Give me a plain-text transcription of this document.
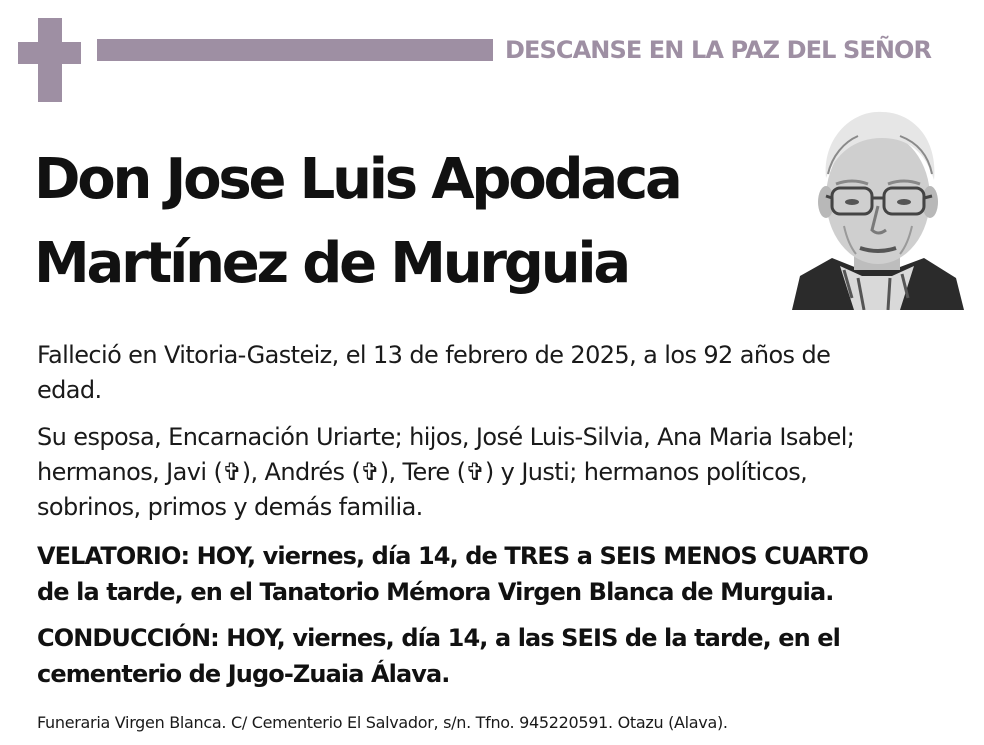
DESCANSE EN LA PAZ DEL SEÑOR
Don Jose Luis Apodaca
Martínez de Murguia
Falleció en Vitoria-Gasteiz, el 13 de febrero de 2025, a los 92 años de
edad.
Su esposa, Encarnación Uriarte; hijos, José Luis-Silvia, Ana Maria Isabel;
hermanos, Javi (✞), Andrés (✞), Tere (✞) y Justi; hermanos políticos,
sobrinos, primos y demás familia.
VELATORIO: HOY, viernes, día 14, de TRES a SEIS MENOS CUARTO
de la tarde, en el Tanatorio Mémora Virgen Blanca de Murguia.
CONDUCCIÓN: HOY, viernes, día 14, a las SEIS de la tarde, en el
cementerio de Jugo-Zuaia Álava.
Funeraria Virgen Blanca. C/ Cementerio El Salvador, s/n. Tfno. 945220591. Otazu (Alava).
